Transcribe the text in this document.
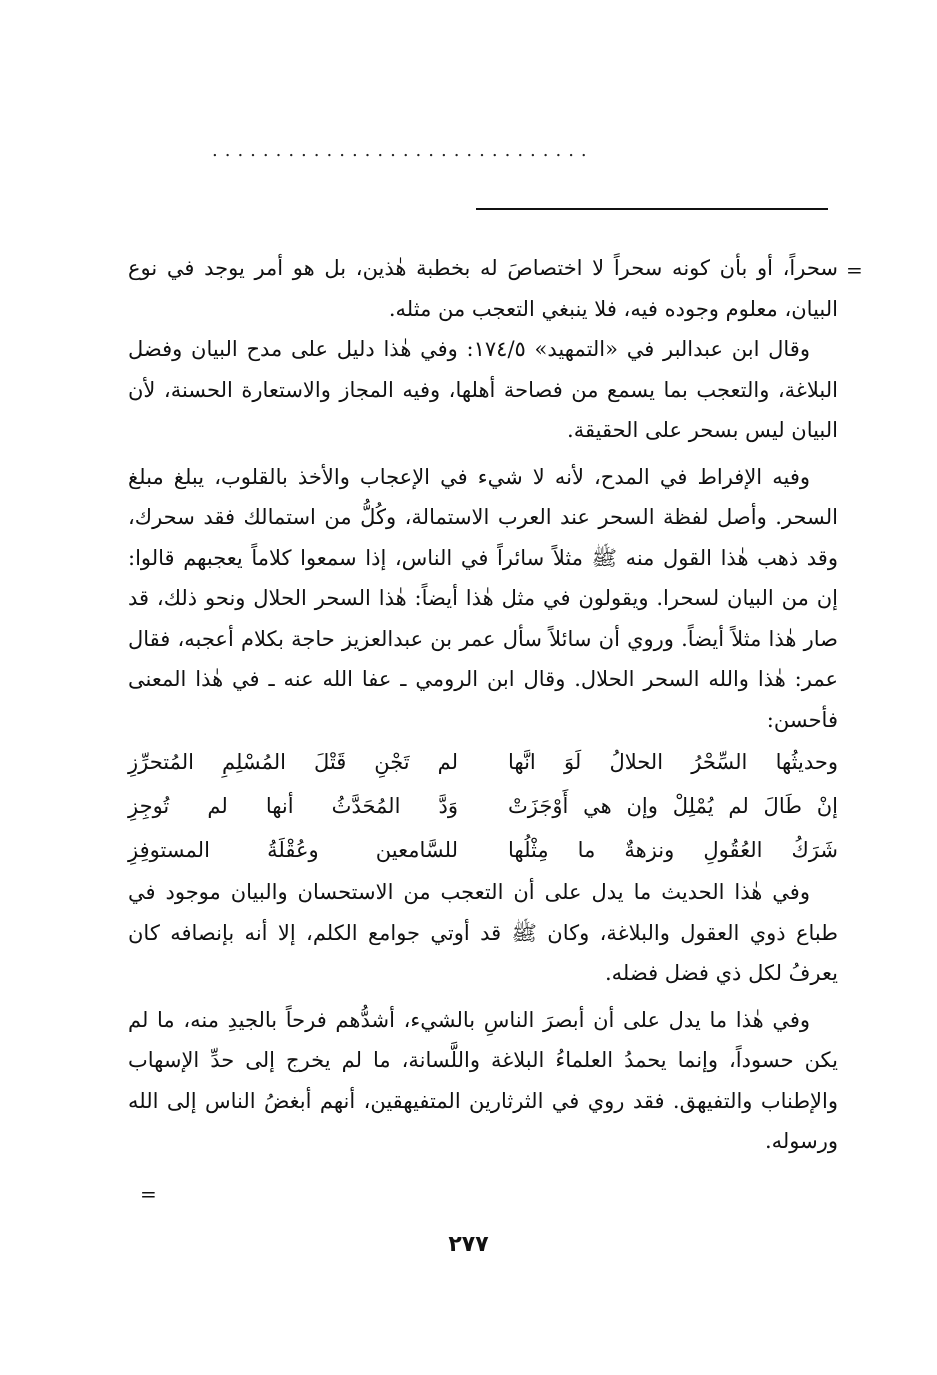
..............................
=

سحراً، أو بأن كونه سحراً لا اختصاصَ له بخطبة هٰذين، بل هو أمر يوجد في نوع البيان، معلوم وجوده فيه، فلا ينبغي التعجب من مثله.

وقال ابن عبدالبر في «التمهيد» ١٧٤/٥: وفي هٰذا دليل على مدح البيان وفضل البلاغة، والتعجب بما يسمع من فصاحة أهلها، وفيه المجاز والاستعارة الحسنة، لأن البيان ليس بسحر على الحقيقة.

وفيه الإفراط في المدح، لأنه لا شيء في الإعجاب والأخذ بالقلوب، يبلغ مبلغ السحر. وأصل لفظة السحر عند العرب الاستمالة، وكُلُّ من استمالك فقد سحرك، وقد ذهب هٰذا القول منه ﷺ مثلاً سائراً في الناس، إذا سمعوا كلاماً يعجبهم قالوا: إن من البيان لسحرا. ويقولون في مثل هٰذا أيضاً: هٰذا السحر الحلال ونحو ذلك، قد صار هٰذا مثلاً أيضاً. وروي أن سائلاً سأل عمر بن عبدالعزيز حاجة بكلام أعجبه، فقال عمر: هٰذا والله السحر الحلال. وقال ابن الرومي ـ عفا الله عنه ـ في هٰذا المعنى فأحسن:

وحديثُها السِّحْرُ الحلالُ لَوَ انَّها
لم تَجْنِ قَتْلَ المُسْلِمِ المُتحرِّزِ
إنْ طَالَ لم يُمْلِلْ وإن هي أَوْجَزَتْ
وَدَّ المُحَدَّثُ أنها لم تُوجِزِ
شَرَكُ العُقُولِ ونزهةٌ ما مِثْلُها
للسَّامعين وعُقْلَةُ المستوفِزِ

وفي هٰذا الحديث ما يدل على أن التعجب من الاستحسان والبيان موجود في طباع ذوي العقول والبلاغة، وكان ﷺ قد أوتي جوامع الكلم، إلا أنه بإنصافه كان يعرفُ لكل ذي فضل فضله.

وفي هٰذا ما يدل على أن أبصرَ الناسِ بالشيء، أشدُّهم فرحاً بالجيدِ منه، ما لم يكن حسوداً، وإنما يحمدُ العلماءُ البلاغة واللَّسانة، ما لم يخرج إلى حدِّ الإسهاب والإطناب والتفيهق. فقد روي في الثرثارين المتفيهقين، أنهم أبغضُ الناس إلى الله ورسوله.

=
٢٧٧
